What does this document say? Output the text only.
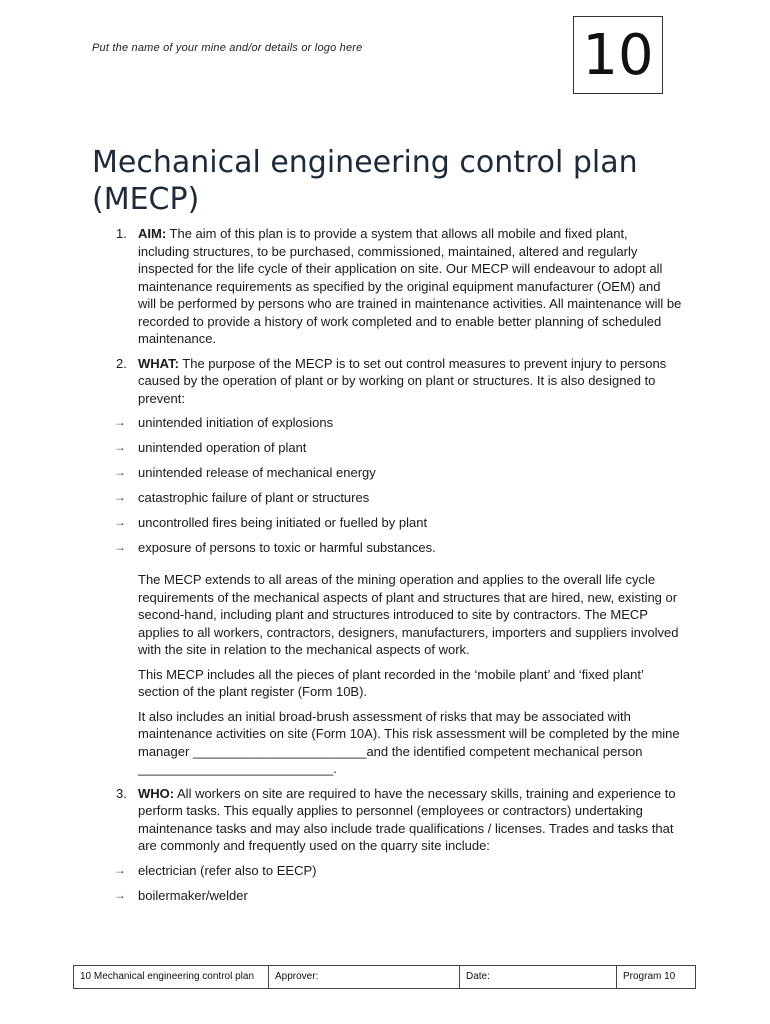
Put the name of your mine and/or details or logo here	10
Mechanical engineering control plan (MECP)
1. AIM: The aim of this plan is to provide a system that allows all mobile and fixed plant, including structures, to be purchased, commissioned, maintained, altered and regularly inspected for the life cycle of their application on site. Our MECP will endeavour to adopt all maintenance requirements as specified by the original equipment manufacturer (OEM) and will be performed by persons who are trained in maintenance activities. All maintenance will be recorded to provide a history of work completed and to enable better planning of scheduled maintenance.

2. WHAT: The purpose of the MECP is to set out control measures to prevent injury to persons caused by the operation of plant or by working on plant or structures. It is also designed to prevent:

→ unintended initiation of explosions
→ unintended operation of plant
→ unintended release of mechanical energy
→ catastrophic failure of plant or structures
→ uncontrolled fires being initiated or fuelled by plant
→ exposure of persons to toxic or harmful substances.

The MECP extends to all areas of the mining operation and applies to the overall life cycle requirements of the mechanical aspects of plant and structures that are hired, new, existing or second-hand, including plant and structures introduced to site by contractors. The MECP applies to all workers, contractors, designers, manufacturers, importers and suppliers involved with the site in relation to the mechanical aspects of work.

This MECP includes all the pieces of plant recorded in the ‘mobile plant’ and ‘fixed plant’ section of the plant register (Form 10B).

It also includes an initial broad-brush assessment of risks that may be associated with maintenance activities on site (Form 10A). This risk assessment will be completed by the mine manager ________________________and the identified competent mechanical person ___________________________.

3. WHO: All workers on site are required to have the necessary skills, training and experience to perform tasks. This equally applies to personnel (employees or contractors) undertaking maintenance tasks and may also include trade qualifications / licenses. Trades and tasks that are commonly and frequently used on the quarry site include:

→ electrician (refer also to EECP)
→ boilermaker/welder
10 Mechanical engineering control plan	Approver:	Date:	Program 10
